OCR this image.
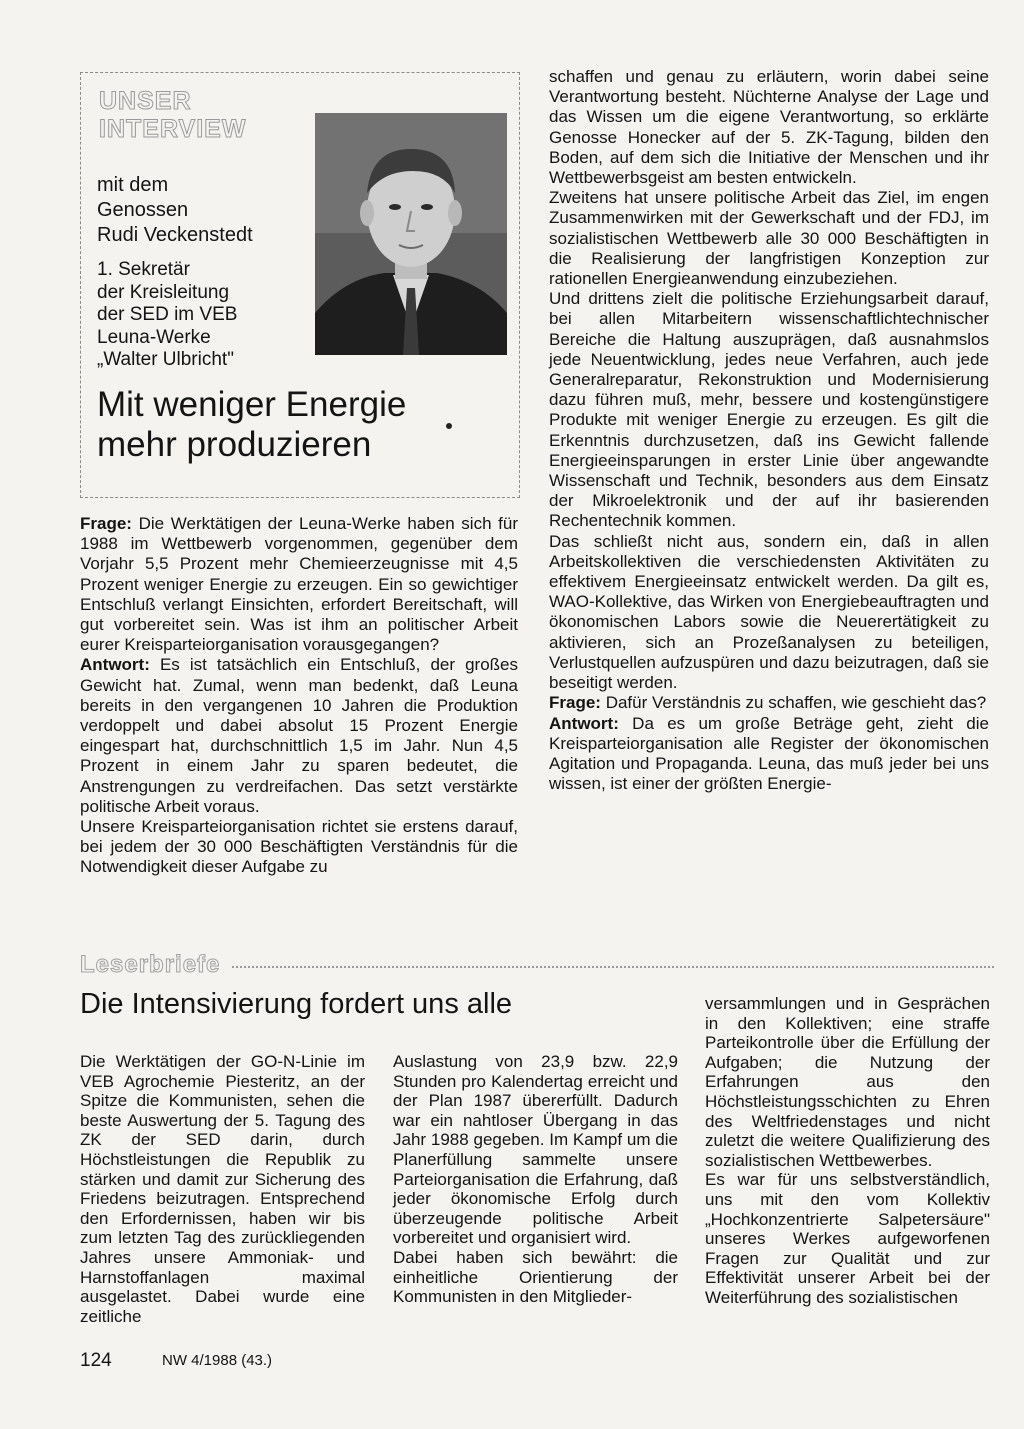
UNSER
INTERVIEW
mit dem
Genossen
Rudi Veckenstedt
1. Sekretär
der Kreisleitung
der SED im VEB
Leuna-Werke
„Walter Ulbricht"
Mit weniger Energie
mehr produzieren

Frage: Die Werktätigen der Leuna-Werke haben sich für 1988 im Wettbewerb vorgenommen, gegenüber dem Vorjahr 5,5 Prozent mehr Chemieerzeugnisse mit 4,5 Prozent weniger Energie zu erzeugen. Ein so gewichtiger Entschluß verlangt Einsichten, erfordert Bereitschaft, will gut vorbereitet sein. Was ist ihm an politischer Arbeit eurer Kreisparteiorganisation vorausgegangen?

Antwort: Es ist tatsächlich ein Entschluß, der großes Gewicht hat. Zumal, wenn man bedenkt, daß Leuna bereits in den vergangenen 10 Jahren die Produktion verdoppelt und dabei absolut 15 Prozent Energie eingespart hat, durchschnittlich 1,5 im Jahr. Nun 4,5 Prozent in einem Jahr zu sparen bedeutet, die Anstrengungen zu verdreifachen. Das setzt verstärkte politische Arbeit voraus.

Unsere Kreisparteiorganisation richtet sie erstens darauf, bei jedem der 30 000 Beschäftigten Verständnis für die Notwendigkeit dieser Aufgabe zu

schaffen und genau zu erläutern, worin dabei seine Verantwortung besteht. Nüchterne Analyse der Lage und das Wissen um die eigene Verantwortung, so erklärte Genosse Honecker auf der 5. ZK-Tagung, bilden den Boden, auf dem sich die Initiative der Menschen und ihr Wettbewerbsgeist am besten entwickeln.

Zweitens hat unsere politische Arbeit das Ziel, im engen Zusammenwirken mit der Gewerkschaft und der FDJ, im sozialistischen Wettbewerb alle 30 000 Beschäftigten in die Realisierung der langfristigen Konzeption zur rationellen Energieanwendung einzubeziehen.

Und drittens zielt die politische Erziehungsarbeit darauf, bei allen Mitarbeitern wissenschaftlichtechnischer Bereiche die Haltung auszuprägen, daß ausnahmslos jede Neuentwicklung, jedes neue Verfahren, auch jede Generalreparatur, Rekonstruktion und Modernisierung dazu führen muß, mehr, bessere und kostengünstigere Produkte mit weniger Energie zu erzeugen. Es gilt die Erkenntnis durchzusetzen, daß ins Gewicht fallende Energieeinsparungen in erster Linie über angewandte Wissenschaft und Technik, besonders aus dem Einsatz der Mikroelektronik und der auf ihr basierenden Rechentechnik kommen.

Das schließt nicht aus, sondern ein, daß in allen Arbeitskollektiven die verschiedensten Aktivitäten zu effektivem Energieeinsatz entwickelt werden. Da gilt es, WAO-Kollektive, das Wirken von Energiebeauftragten und ökonomischen Labors sowie die Neuerertätigkeit zu aktivieren, sich an Prozeßanalysen zu beteiligen, Verlustquellen aufzuspüren und dazu beizutragen, daß sie beseitigt werden.

Frage: Dafür Verständnis zu schaffen, wie geschieht das?

Antwort: Da es um große Beträge geht, zieht die Kreisparteiorganisation alle Register der ökonomischen Agitation und Propaganda. Leuna, das muß jeder bei uns wissen, ist einer der größten Energie-

Leserbriefe
Die Intensivierung fordert uns alle

Die Werktätigen der GO-N-Linie im VEB Agrochemie Piesteritz, an der Spitze die Kommunisten, sehen die beste Auswertung der 5. Tagung des ZK der SED darin, durch Höchstleistungen die Republik zu stärken und damit zur Sicherung des Friedens beizutragen. Entsprechend den Erfordernissen, haben wir bis zum letzten Tag des zurückliegenden Jahres unsere Ammoniak- und Harnstoffanlagen maximal ausgelastet. Dabei wurde eine zeitliche

Auslastung von 23,9 bzw. 22,9 Stunden pro Kalendertag erreicht und der Plan 1987 übererfüllt. Dadurch war ein nahtloser Übergang in das Jahr 1988 gegeben. Im Kampf um die Planerfüllung sammelte unsere Parteiorganisation die Erfahrung, daß jeder ökonomische Erfolg durch überzeugende politische Arbeit vorbereitet und organisiert wird.

Dabei haben sich bewährt: die einheitliche Orientierung der Kommunisten in den Mitglieder-

versammlungen und in Gesprächen in den Kollektiven; eine straffe Parteikontrolle über die Erfüllung der Aufgaben; die Nutzung der Erfahrungen aus den Höchstleistungsschichten zu Ehren des Weltfriedenstages und nicht zuletzt die weitere Qualifizierung des sozialistischen Wettbewerbes.

Es war für uns selbstverständlich, uns mit den vom Kollektiv „Hochkonzentrierte Salpetersäure" unseres Werkes aufgeworfenen Fragen zur Qualität und zur Effektivität unserer Arbeit bei der Weiterführung des sozialistischen

124	NW 4/1988 (43.)
